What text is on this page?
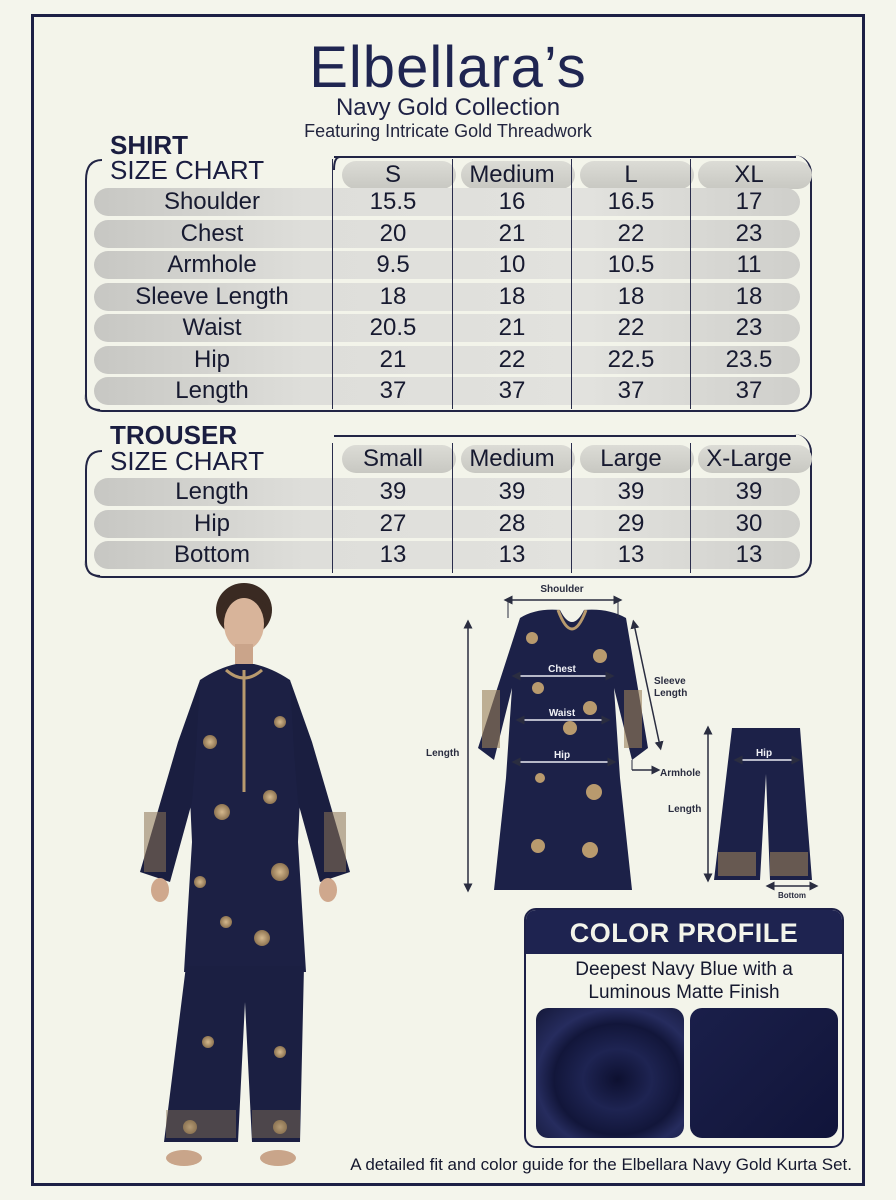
Elbellara’s
Navy Gold Collection
Featuring Intricate Gold Threadwork
SHIRT
SIZE CHART	S	Medium	L	XL
Shoulder	15.5	16	16.5	17
Chest	20	21	22	23
Armhole	9.5	10	10.5	11
Sleeve Length	18	18	18	18
Waist	20.5	21	22	23
Hip	21	22	22.5	23.5
Length	37	37	37	37
TROUSER
SIZE CHART	Small	Medium	Large	X-Large
Length	39	39	39	39
Hip	27	28	29	30
Bottom	13	13	13	13
Shoulder
Chest
Waist
Hip
Sleeve
Length
Armhole
Length	Hip
Length
Bottom
COLOR PROFILE
Deepest Navy Blue with a
Luminous Matte Finish
A detailed fit and color guide for the Elbellara Navy Gold Kurta Set.
